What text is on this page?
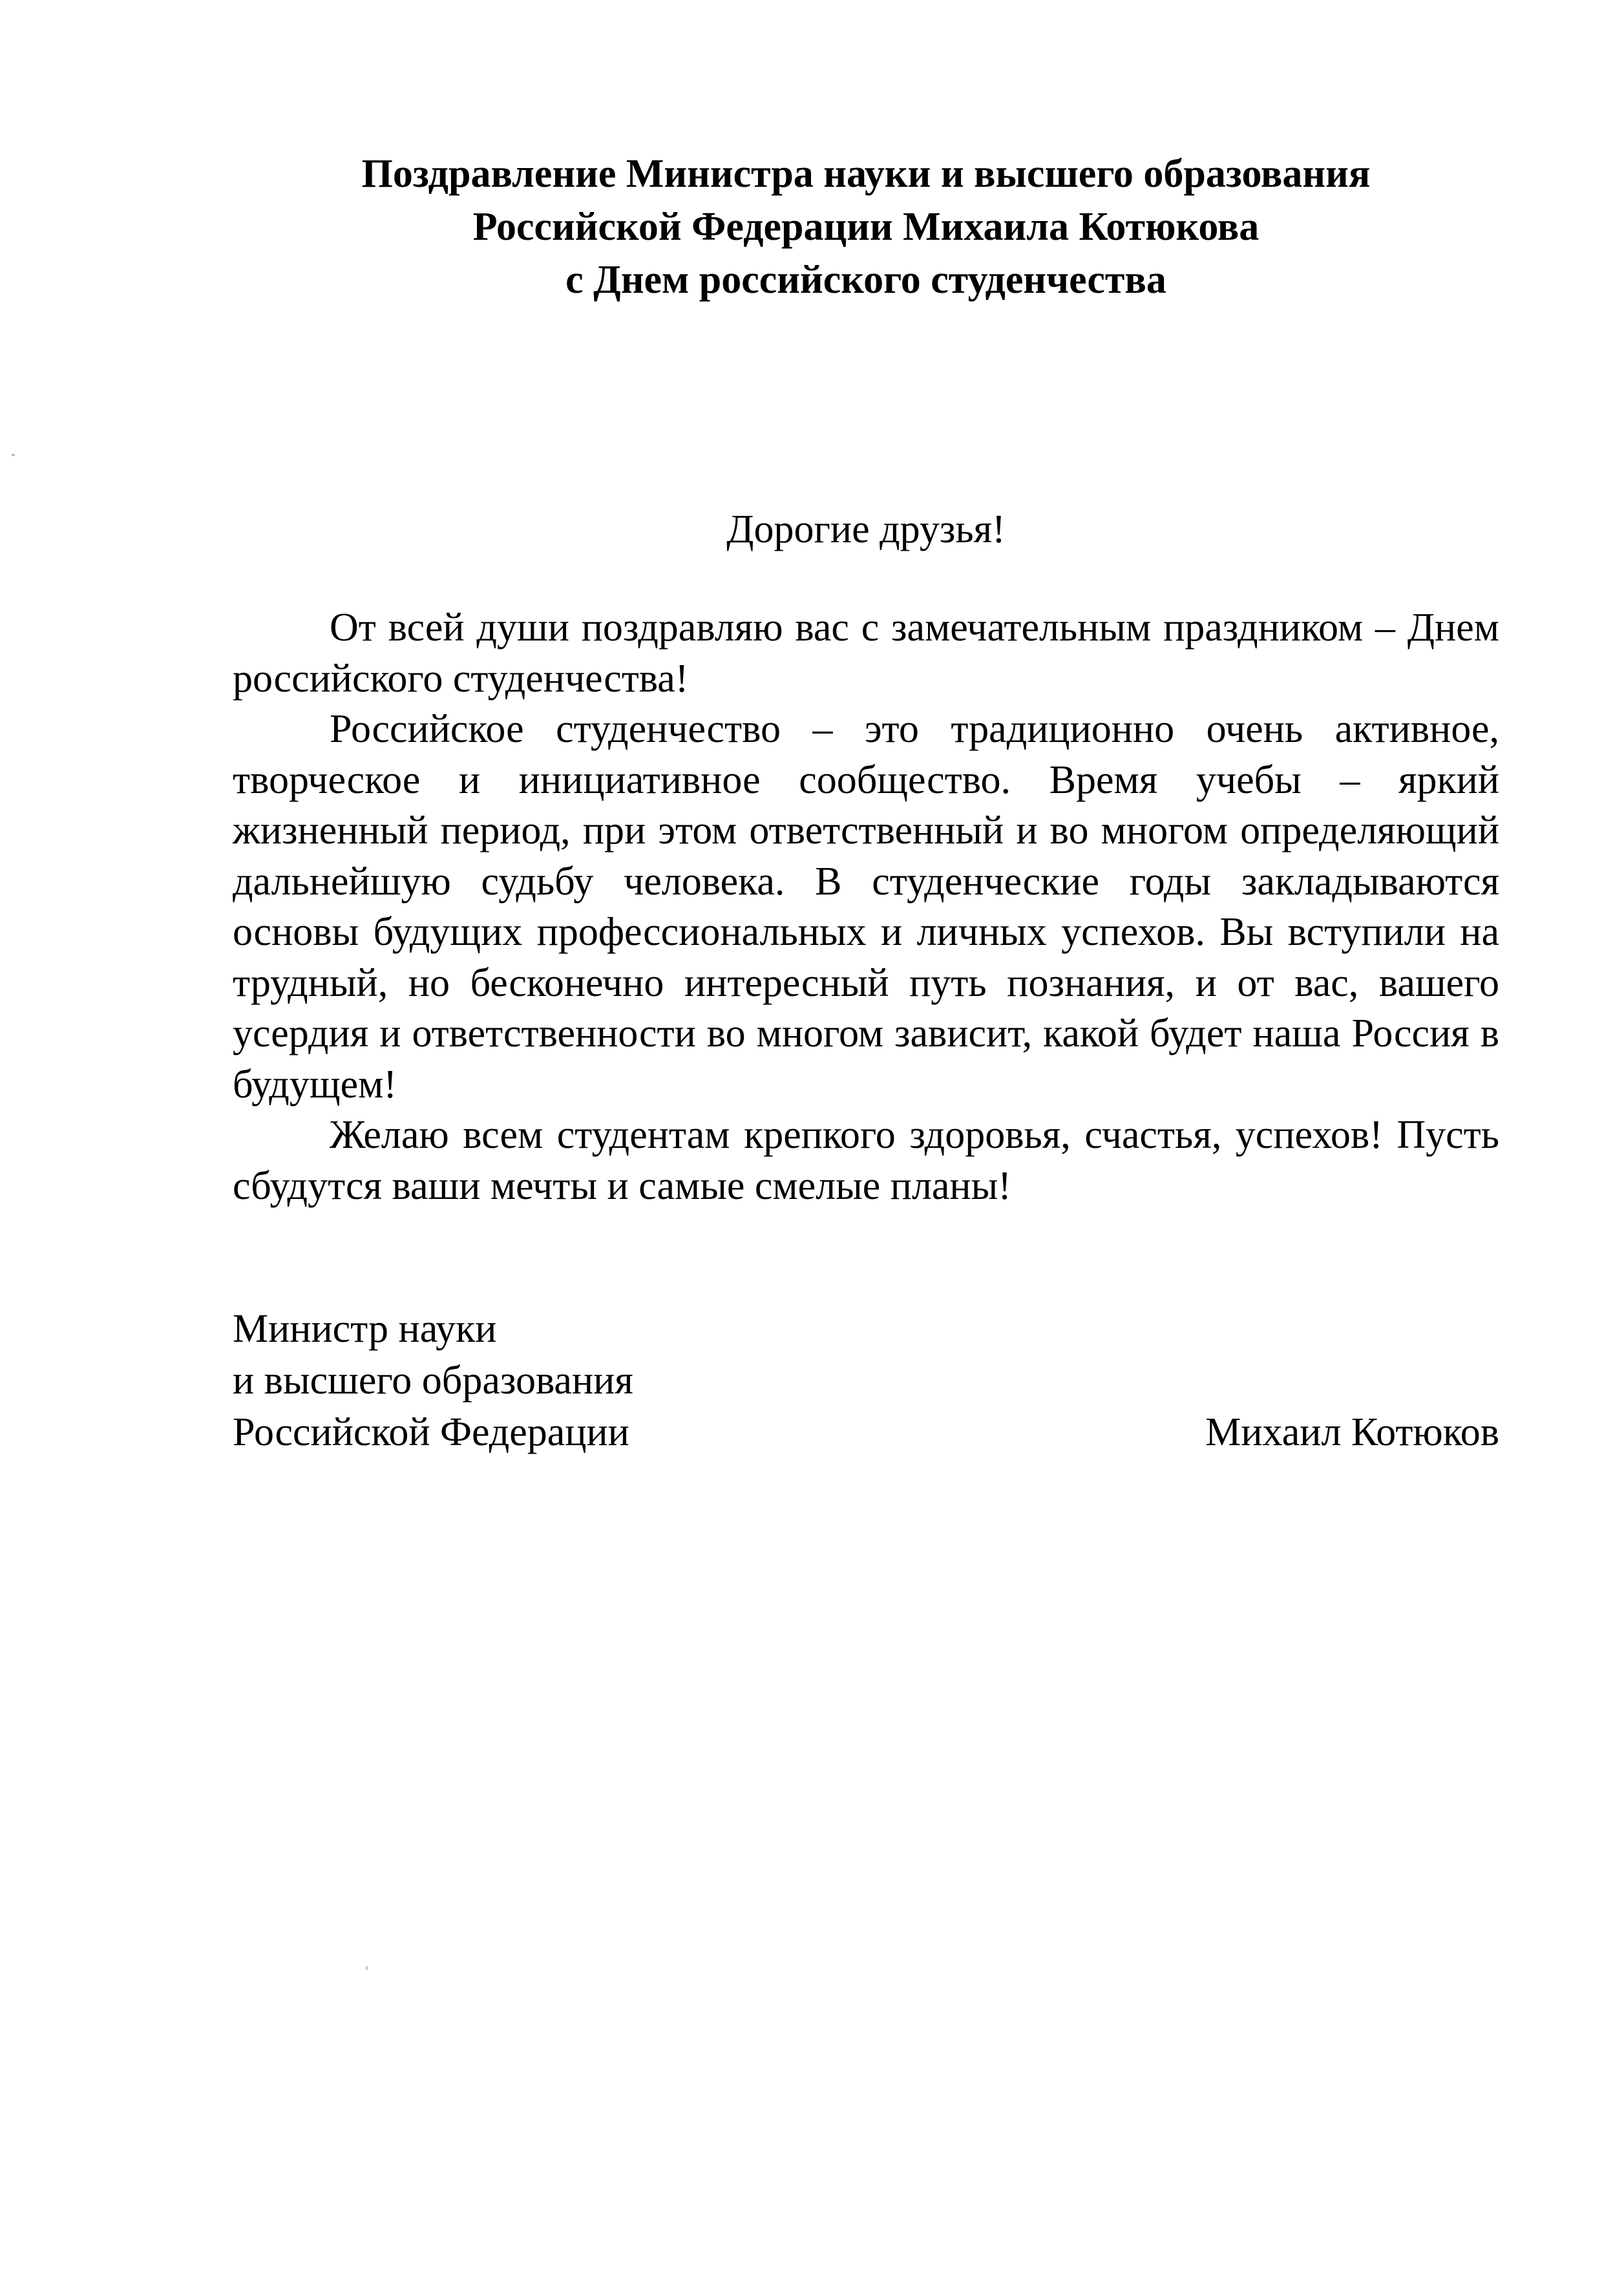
Поздравление Министра науки и высшего образования
Российской Федерации Михаила Котюкова
с Днем российского студенчества
Дорогие друзья!

От всей души поздравляю вас с замечательным праздником – Днем российского студенчества!

Российское студенчество – это традиционно очень активное, творческое и инициативное сообщество. Время учебы – яркий жизненный период, при этом ответственный и во многом определяющий дальнейшую судьбу человека. В студенческие годы закладываются основы будущих профессиональных и личных успехов. Вы вступили на трудный, но бесконечно интересный путь познания, и от вас, вашего усердия и ответственности во многом зависит, какой будет наша Россия в будущем!

Желаю всем студентам крепкого здоровья, счастья, успехов! Пусть сбудутся ваши мечты и самые смелые планы!

Министр науки
и высшего образования
Российской Федерации	Михаил Котюков
